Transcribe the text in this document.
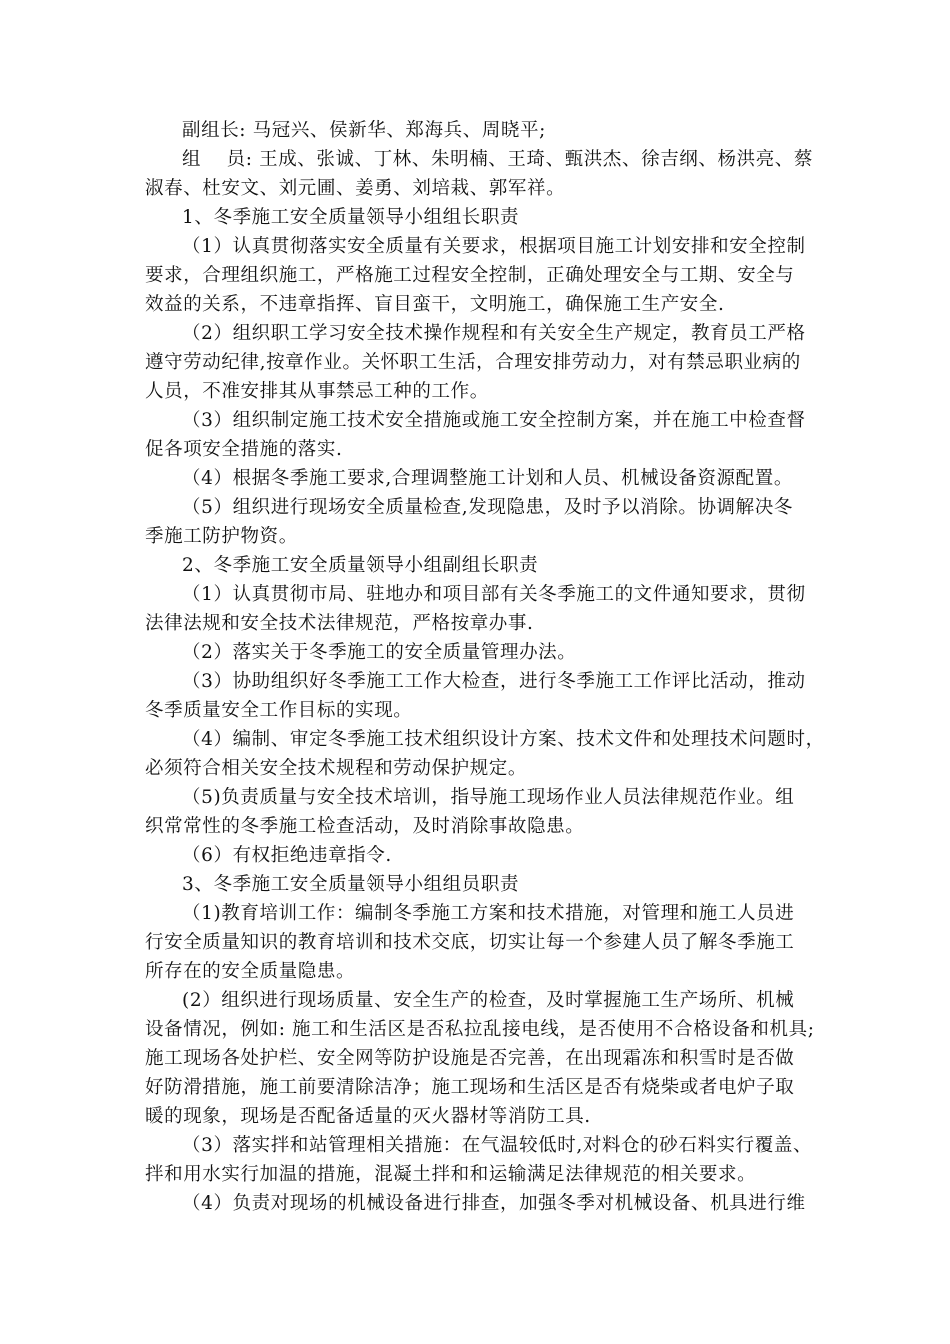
副组长: 马冠兴、侯新华、郑海兵、周晓平;

组　 员: 王成、张诚、丁林、朱明楠、王琦、甄洪杰、徐吉纲、杨洪亮、蔡

淑春、杜安文、刘元圃、姜勇、刘培栽、郭军祥。

1、冬季施工安全质量领导小组组长职责

（1）认真贯彻落实安全质量有关要求，根据项目施工计划安排和安全控制

要求，合理组织施工，严格施工过程安全控制，正确处理安全与工期、安全与

效益的关系，不违章指挥、盲目蛮干，文明施工，确保施工生产安全.

（2）组织职工学习安全技术操作规程和有关安全生产规定，教育员工严格

遵守劳动纪律,按章作业。关怀职工生活，合理安排劳动力，对有禁忌职业病的

人员，不准安排其从事禁忌工种的工作。

（3）组织制定施工技术安全措施或施工安全控制方案，并在施工中检查督

促各项安全措施的落实.

（4）根据冬季施工要求,合理调整施工计划和人员、机械设备资源配置。

（5）组织进行现场安全质量检查,发现隐患，及时予以消除。协调解决冬

季施工防护物资。

2、冬季施工安全质量领导小组副组长职责

（1）认真贯彻市局、驻地办和项目部有关冬季施工的文件通知要求，贯彻

法律法规和安全技术法律规范，严格按章办事.

（2）落实关于冬季施工的安全质量管理办法。

（3）协助组织好冬季施工工作大检查，进行冬季施工工作评比活动，推动

冬季质量安全工作目标的实现。

（4）编制、审定冬季施工技术组织设计方案、技术文件和处理技术问题时，

必须符合相关安全技术规程和劳动保护规定。

（5)负责质量与安全技术培训，指导施工现场作业人员法律规范作业。组

织常常性的冬季施工检查活动，及时消除事故隐患。

（6）有权拒绝违章指令.

3、冬季施工安全质量领导小组组员职责

（1)教育培训工作：编制冬季施工方案和技术措施，对管理和施工人员进

行安全质量知识的教育培训和技术交底，切实让每一个参建人员了解冬季施工

所存在的安全质量隐患。

(2）组织进行现场质量、安全生产的检查，及时掌握施工生产场所、机械

设备情况，例如: 施工和生活区是否私拉乱接电线，是否使用不合格设备和机具;

施工现场各处护栏、安全网等防护设施是否完善，在出现霜冻和积雪时是否做

好防滑措施，施工前要清除洁净；施工现场和生活区是否有烧柴或者电炉子取

暖的现象，现场是否配备适量的灭火器材等消防工具.

（3）落实拌和站管理相关措施：在气温较低时,对料仓的砂石料实行覆盖、

拌和用水实行加温的措施，混凝土拌和和运输满足法律规范的相关要求。

（4）负责对现场的机械设备进行排查，加强冬季对机械设备、机具进行维
